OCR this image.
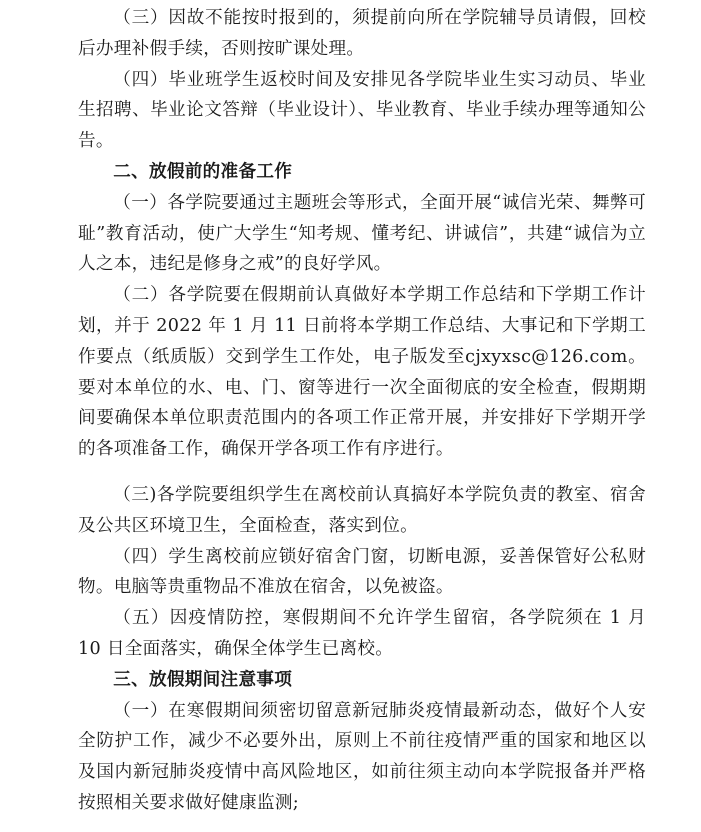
（三）因故不能按时报到的，须提前向所在学院辅导员请假，回校后办理补假手续，否则按旷课处理。

（四）毕业班学生返校时间及安排见各学院毕业生实习动员、毕业生招聘、毕业论文答辩（毕业设计）、毕业教育、毕业手续办理等通知公告。

二、放假前的准备工作

（一）各学院要通过主题班会等形式，全面开展“诚信光荣、舞弊可耻”教育活动，使广大学生“知考规、懂考纪、讲诚信”，共建“诚信为立人之本，违纪是修身之戒”的良好学风。

（二）各学院要在假期前认真做好本学期工作总结和下学期工作计划，并于 2022 年 1 月 11 日前将本学期工作总结、大事记和下学期工作要点（纸质版）交到学生工作处，电子版发至cjxyxsc@126.com。要对本单位的水、电、门、窗等进行一次全面彻底的安全检查，假期期间要确保本单位职责范围内的各项工作正常开展，并安排好下学期开学的各项准备工作，确保开学各项工作有序进行。

（三)各学院要组织学生在离校前认真搞好本学院负责的教室、宿舍及公共区环境卫生，全面检查，落实到位。

（四）学生离校前应锁好宿舍门窗，切断电源，妥善保管好公私财物。电脑等贵重物品不准放在宿舍，以免被盗。

（五）因疫情防控，寒假期间不允许学生留宿，各学院须在 1 月 10 日全面落实，确保全体学生已离校。

三、放假期间注意事项

（一）在寒假期间须密切留意新冠肺炎疫情最新动态，做好个人安全防护工作，减少不必要外出，原则上不前往疫情严重的国家和地区以及国内新冠肺炎疫情中高风险地区，如前往须主动向本学院报备并严格按照相关要求做好健康监测;
